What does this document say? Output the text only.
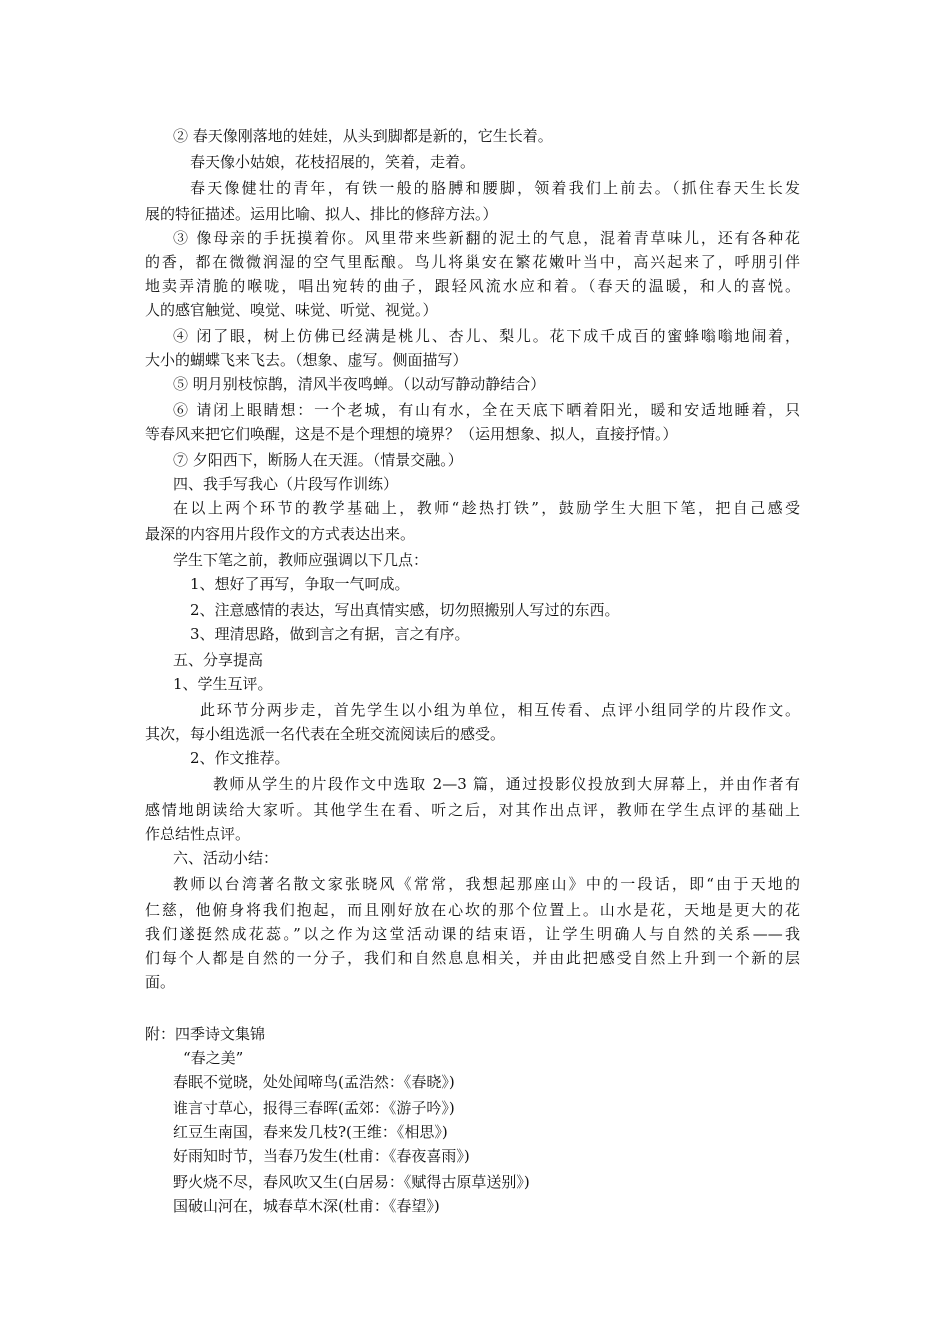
② 春天像刚落地的娃娃，从头到脚都是新的，它生长着。
春天像小姑娘，花枝招展的，笑着，走着。
春天像健壮的青年，有铁一般的胳膊和腰脚，领着我们上前去。（抓住春天生长发
展的特征描述。运用比喻、拟人、排比的修辞方法。）
③ 像母亲的手抚摸着你。风里带来些新翻的泥土的气息，混着青草味儿，还有各种花
的香，都在微微润湿的空气里酝酿。鸟儿将巢安在繁花嫩叶当中，高兴起来了，呼朋引伴
地卖弄清脆的喉咙，唱出宛转的曲子，跟轻风流水应和着。（春天的温暖，和人的喜悦。
人的感官触觉、嗅觉、味觉、听觉、视觉。）
④ 闭了眼，树上仿佛已经满是桃儿、杏儿、梨儿。花下成千成百的蜜蜂嗡嗡地闹着，
大小的蝴蝶飞来飞去。（想象、虚写。侧面描写）
⑤ 明月别枝惊鹊，清风半夜鸣蝉。（以动写静动静结合）
⑥ 请闭上眼睛想：一个老城，有山有水，全在天底下晒着阳光，暖和安适地睡着，只
等春风来把它们唤醒，这是不是个理想的境界？（运用想象、拟人，直接抒情。）
⑦ 夕阳西下，断肠人在天涯。（情景交融。）
四、我手写我心（片段写作训练）
在以上两个环节的教学基础上，教师“趁热打铁”，鼓励学生大胆下笔，把自己感受
最深的内容用片段作文的方式表达出来。
学生下笔之前，教师应强调以下几点：
1、想好了再写，争取一气呵成。
2、注意感情的表达，写出真情实感，切勿照搬别人写过的东西。
3、理清思路，做到言之有据，言之有序。
五、分享提高
1、学生互评。
此环节分两步走，首先学生以小组为单位，相互传看、点评小组同学的片段作文。
其次，每小组选派一名代表在全班交流阅读后的感受。
2、作文推荐。
教师从学生的片段作文中选取 2—3 篇，通过投影仪投放到大屏幕上，并由作者有
感情地朗读给大家听。其他学生在看、听之后，对其作出点评，教师在学生点评的基础上
作总结性点评。
六、活动小结：
教师以台湾著名散文家张晓风《常常，我想起那座山》中的一段话，即“由于天地的
仁慈，他俯身将我们抱起，而且刚好放在心坎的那个位置上。山水是花，天地是更大的花
我们遂挺然成花蕊。”以之作为这堂活动课的结束语，让学生明确人与自然的关系——我
们每个人都是自然的一分子，我们和自然息息相关，并由此把感受自然上升到一个新的层
面。
附：四季诗文集锦
“春之美”
春眠不觉晓，处处闻啼鸟(孟浩然：《春晓》)
谁言寸草心，报得三春晖(孟郊：《游子吟》)
红豆生南国，春来发几枝?(王维：《相思》)
好雨知时节，当春乃发生(杜甫：《春夜喜雨》)
野火烧不尽，春风吹又生(白居易：《赋得古原草送别》)
国破山河在，城春草木深(杜甫：《春望》)
